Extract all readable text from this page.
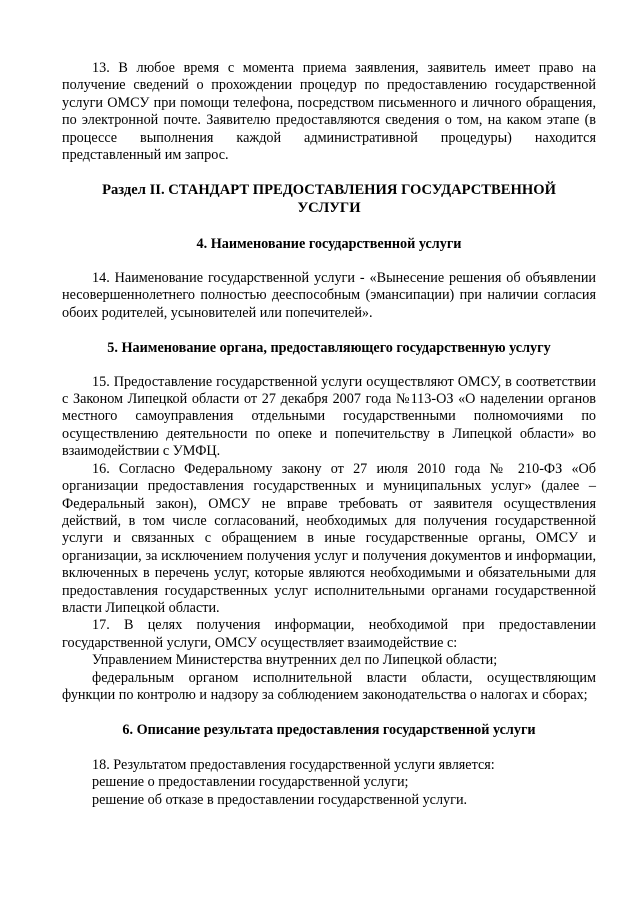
13. В любое время с момента приема заявления, заявитель имеет право на получение сведений о прохождении процедур по предоставлению государственной услуги ОМСУ при помощи телефона, посредством письменного и личного обращения, по электронной почте. Заявителю предоставляются сведения о том, на каком этапе (в процессе выполнения каждой административной процедуры) находится представленный им запрос.

Раздел II. СТАНДАРТ ПРЕДОСТАВЛЕНИЯ ГОСУДАРСТВЕННОЙ УСЛУГИ
4. Наименование государственной услуги

14. Наименование государственной услуги - «Вынесение решения об объявлении несовершеннолетнего полностью дееспособным (эмансипации) при наличии согласия обоих родителей, усыновителей или попечителей».

5. Наименование органа, предоставляющего государственную услугу

15. Предоставление государственной услуги осуществляют ОМСУ, в соответствии с Законом Липецкой области от 27 декабря 2007 года №113-ОЗ «О наделении органов местного самоуправления отдельными государственными полномочиями по осуществлению деятельности по опеке и попечительству в Липецкой области» во взаимодействии с УМФЦ.

16. Согласно Федеральному закону от 27 июля 2010 года № 210-ФЗ «Об организации предоставления государственных и муниципальных услуг» (далее – Федеральный закон), ОМСУ не вправе требовать от заявителя осуществления действий, в том числе согласований, необходимых для получения государственной услуги и связанных с обращением в иные государственные органы, ОМСУ и организации, за исключением получения услуг и получения документов и информации, включенных в перечень услуг, которые являются необходимыми и обязательными для предоставления государственных услуг исполнительными органами государственной власти Липецкой области.

17. В целях получения информации, необходимой при предоставлении государственной услуги, ОМСУ осуществляет взаимодействие с:

Управлением Министерства внутренних дел по Липецкой области;

федеральным органом исполнительной власти области, осуществляющим функции по контролю и надзору за соблюдением законодательства о налогах и сборах;

6. Описание результата предоставления государственной услуги

18. Результатом предоставления государственной услуги является:

решение о предоставлении государственной услуги;

решение об отказе в предоставлении государственной услуги.
